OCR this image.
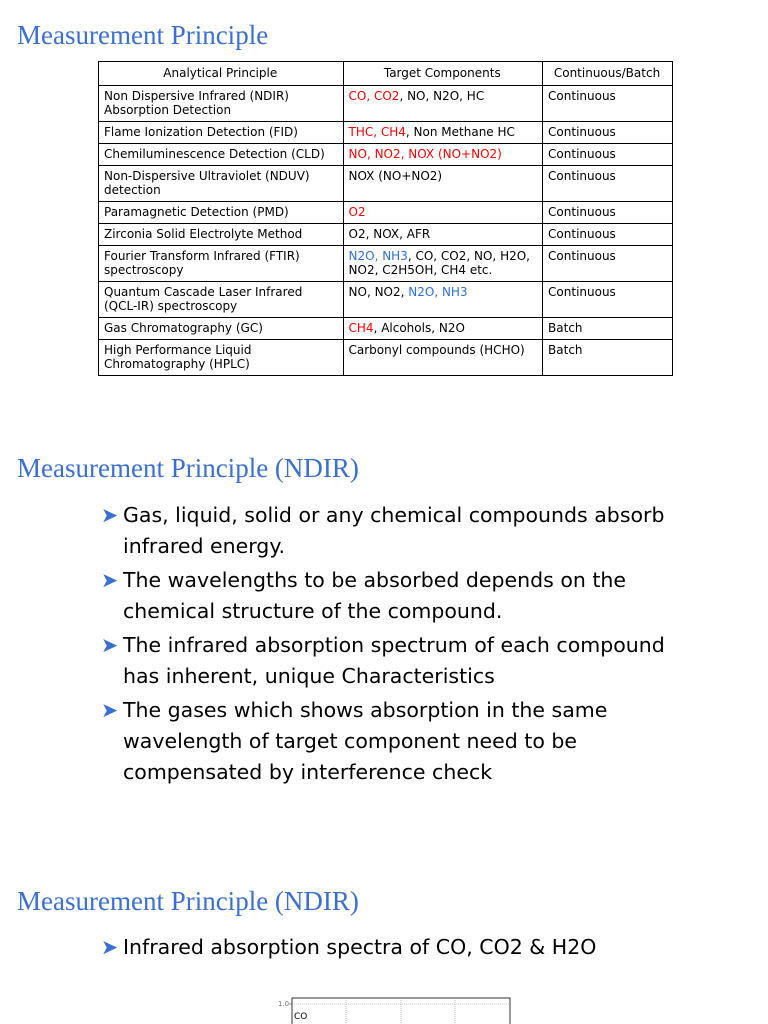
Measurement Principle
Analytical Principle	Target Components	Continuous/Batch
Non Dispersive Infrared (NDIR) Absorption Detection	CO, CO2, NO, N2O, HC	Continuous
Flame Ionization Detection (FID)	THC, CH4, Non Methane HC	Continuous
Chemiluminescence Detection (CLD)	NO, NO2, NOX (NO+NO2)	Continuous
Non-Dispersive Ultraviolet (NDUV) detection	NOX (NO+NO2)	Continuous
Paramagnetic Detection (PMD)	O2	Continuous
Zirconia Solid Electrolyte Method	O2, NOX, AFR	Continuous
Fourier Transform Infrared (FTIR) spectroscopy	N2O, NH3, CO, CO2, NO, H2O, NO2, C2H5OH, CH4 etc.	Continuous
Quantum Cascade Laser Infrared (QCL-IR) spectroscopy	NO, NO2, N2O, NH3	Continuous
Gas Chromatography (GC)	CH4, Alcohols, N2O	Batch
High Performance Liquid Chromatography (HPLC)	Carbonyl compounds (HCHO)	Batch
Measurement Principle (NDIR)
➤ Gas, liquid, solid or any chemical compounds absorb infrared energy.
➤ The wavelengths to be absorbed depends on the chemical structure of the compound.
➤ The infrared absorption spectrum of each compound has inherent, unique Characteristics
➤ The gases which shows absorption in the same wavelength of target component need to be compensated by interference check
Measurement Principle (NDIR)
➤ Infrared absorption spectra of CO, CO2 & H2O
1.0
CO
